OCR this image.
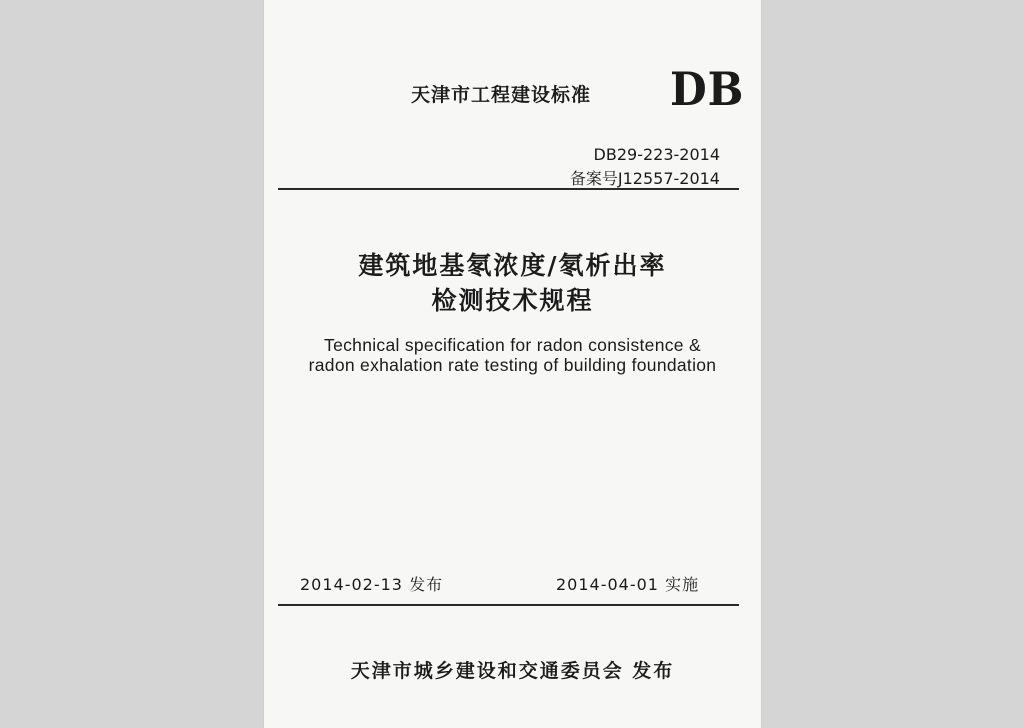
天津市工程建设标准 DB
DB29-223-2014
备案号J12557-2014
建筑地基氡浓度/氡析出率
检测技术规程
Technical specification for radon consistence &
radon exhalation rate testing of building foundation
2014-02-13 发布	2014-04-01 实施
天津市城乡建设和交通委员会 发布
